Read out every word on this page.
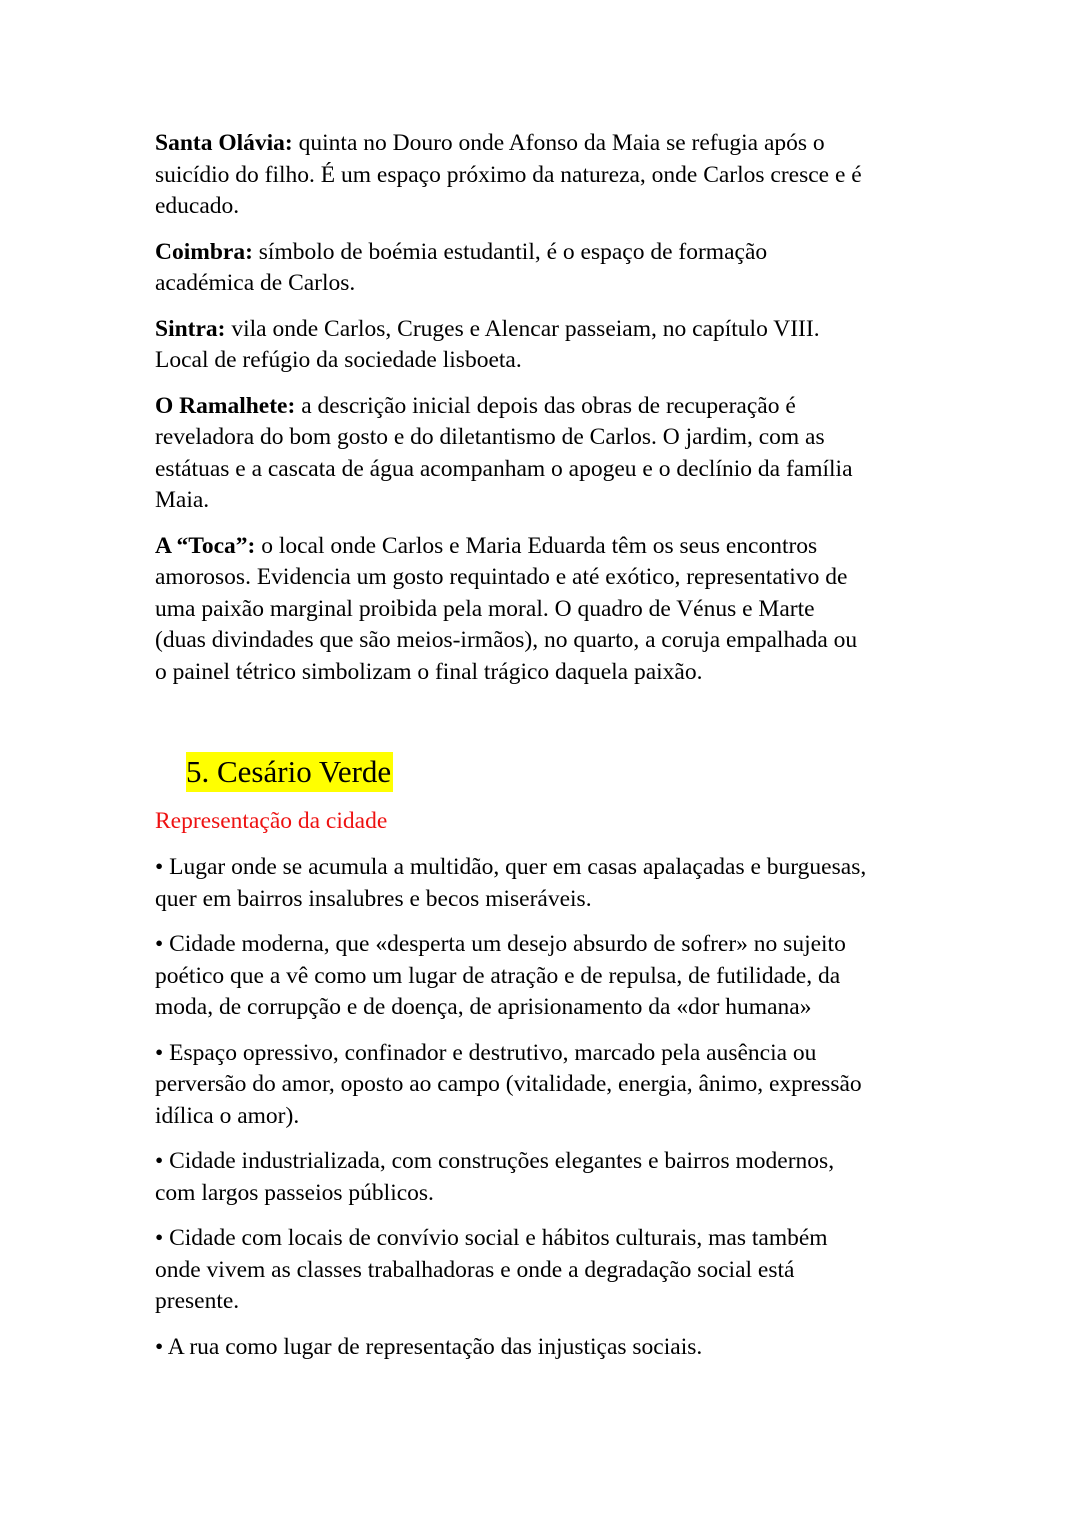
Santa Olávia: quinta no Douro onde Afonso da Maia se refugia após o
suicídio do filho. É um espaço próximo da natureza, onde Carlos cresce e é
educado.

Coimbra: símbolo de boémia estudantil, é o espaço de formação
académica de Carlos.

Sintra: vila onde Carlos, Cruges e Alencar passeiam, no capítulo VIII.
Local de refúgio da sociedade lisboeta.

O Ramalhete: a descrição inicial depois das obras de recuperação é
reveladora do bom gosto e do diletantismo de Carlos. O jardim, com as
estátuas e a cascata de água acompanham o apogeu e o declínio da família
Maia.

A “Toca”: o local onde Carlos e Maria Eduarda têm os seus encontros
amorosos. Evidencia um gosto requintado e até exótico, representativo de
uma paixão marginal proibida pela moral. O quadro de Vénus e Marte
(duas divindades que são meios-irmãos), no quarto, a coruja empalhada ou
o painel tétrico simbolizam o final trágico daquela paixão.

5. Cesário Verde
Representação da cidade

• Lugar onde se acumula a multidão, quer em casas apalaçadas e burguesas,
quer em bairros insalubres e becos miseráveis.

• Cidade moderna, que «desperta um desejo absurdo de sofrer» no sujeito
poético que a vê como um lugar de atração e de repulsa, de futilidade, da
moda, de corrupção e de doença, de aprisionamento da «dor humana»

• Espaço opressivo, confinador e destrutivo, marcado pela ausência ou
perversão do amor, oposto ao campo (vitalidade, energia, ânimo, expressão
idílica o amor).

• Cidade industrializada, com construções elegantes e bairros modernos,
com largos passeios públicos.

• Cidade com locais de convívio social e hábitos culturais, mas também
onde vivem as classes trabalhadoras e onde a degradação social está
presente.

• A rua como lugar de representação das injustiças sociais.
